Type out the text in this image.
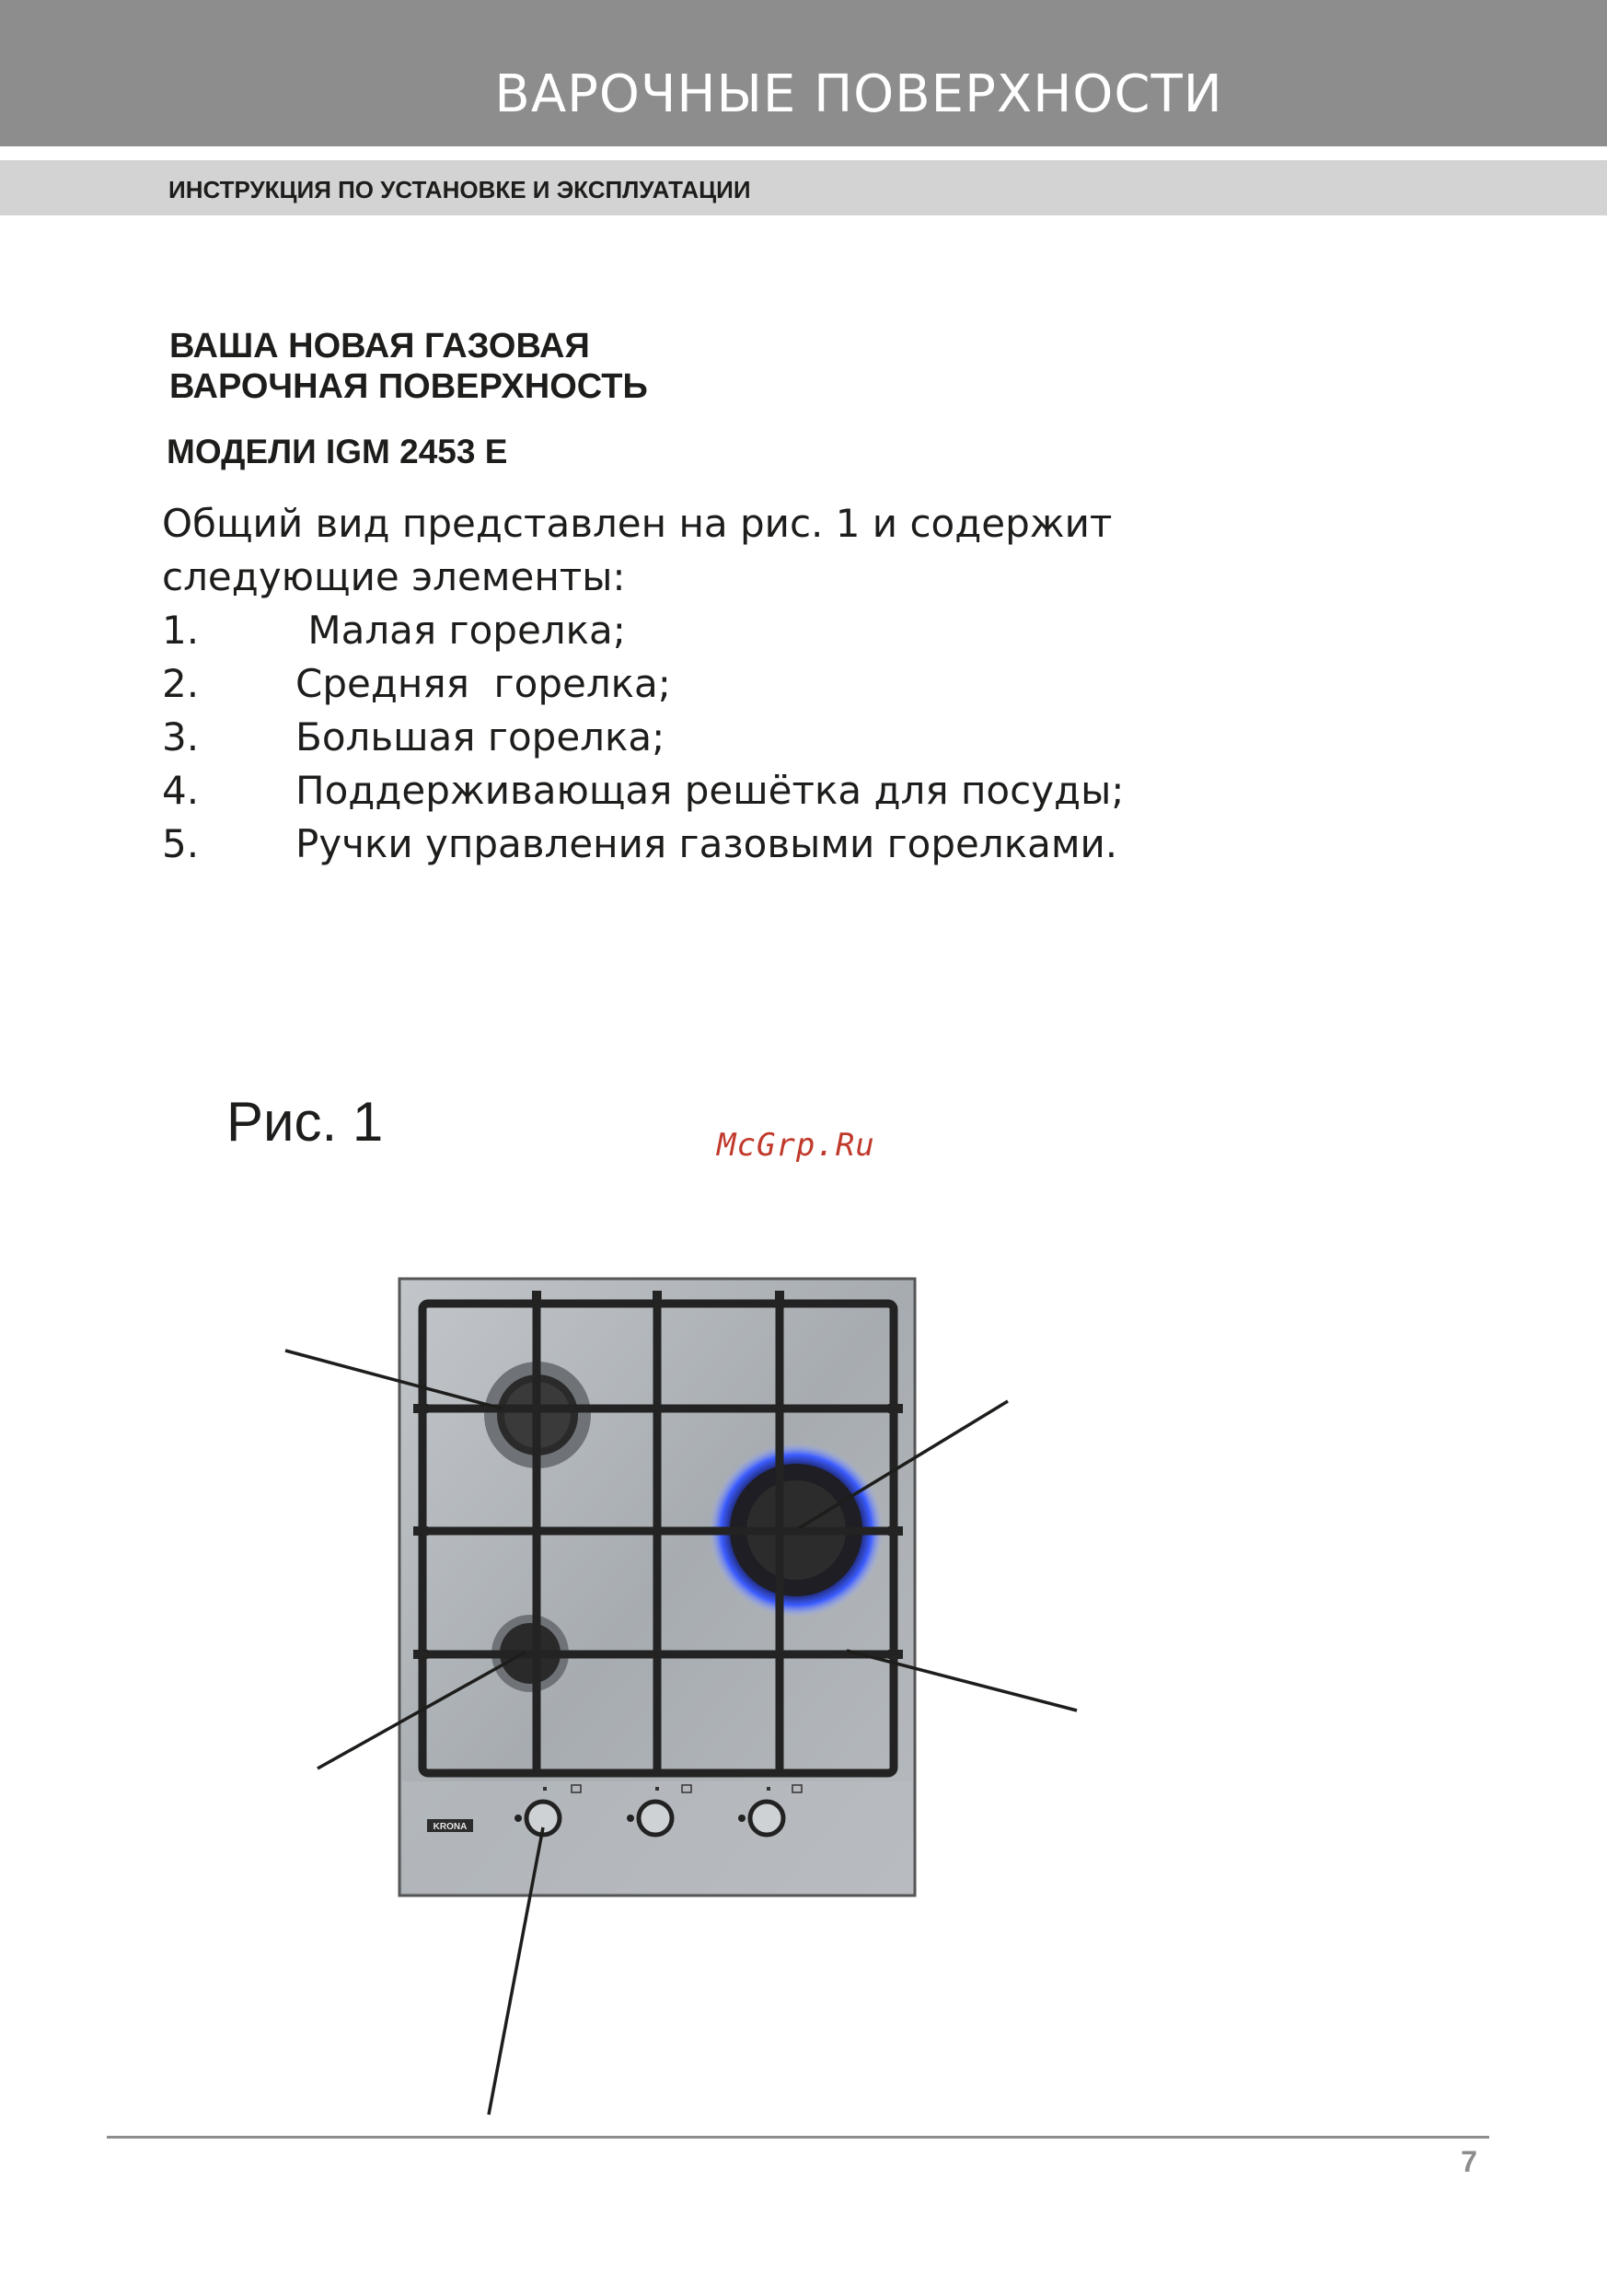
ВАРОЧНЫЕ ПОВЕРХНОСТИ
ИНСТРУКЦИЯ ПО УСТАНОВКЕ И ЭКСПЛУАТАЦИИ
ВАША НОВАЯ ГАЗОВАЯ
ВАРОЧНАЯ ПОВЕРХНОСТЬ
МОДЕЛИ IGM 2453 E
Общий вид представлен на рис. 1 и содержит
следующие элементы:
1. Малая горелка;
2. Средняя  горелка;
3. Большая горелка;
4. Поддерживающая решётка для посуды;
5. Ручки управления газовыми горелками.
Рис. 1	McGrp.Ru
KRONA
7
